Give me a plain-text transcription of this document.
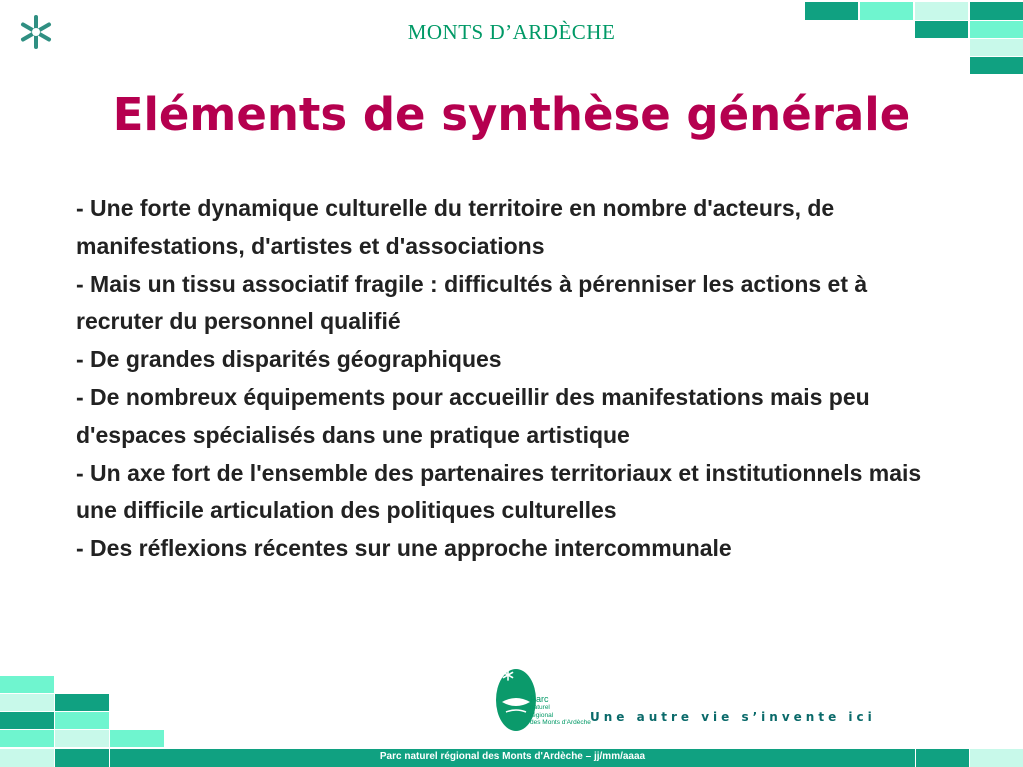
MONTS D’ARDÈCHE
Eléments de synthèse générale

- Une forte dynamique culturelle du territoire en nombre d'acteurs, de manifestations, d'artistes et d'associations

- Mais un tissu associatif fragile : difficultés à pérenniser les actions et à recruter du personnel qualifié

- De grandes disparités géographiques

- De nombreux équipements pour accueillir des manifestations mais peu d'espaces spécialisés dans une pratique artistique

- Un axe fort de l'ensemble des partenaires territoriaux et institutionnels mais une difficile articulation des politiques culturelles

- Des réflexions récentes sur une approche intercommunale

Parc
naturel
régional
des Monts d'Ardèche Une autre vie s’invente ici
Parc naturel régional des Monts d'Ardèche – jj/mm/aaaa
